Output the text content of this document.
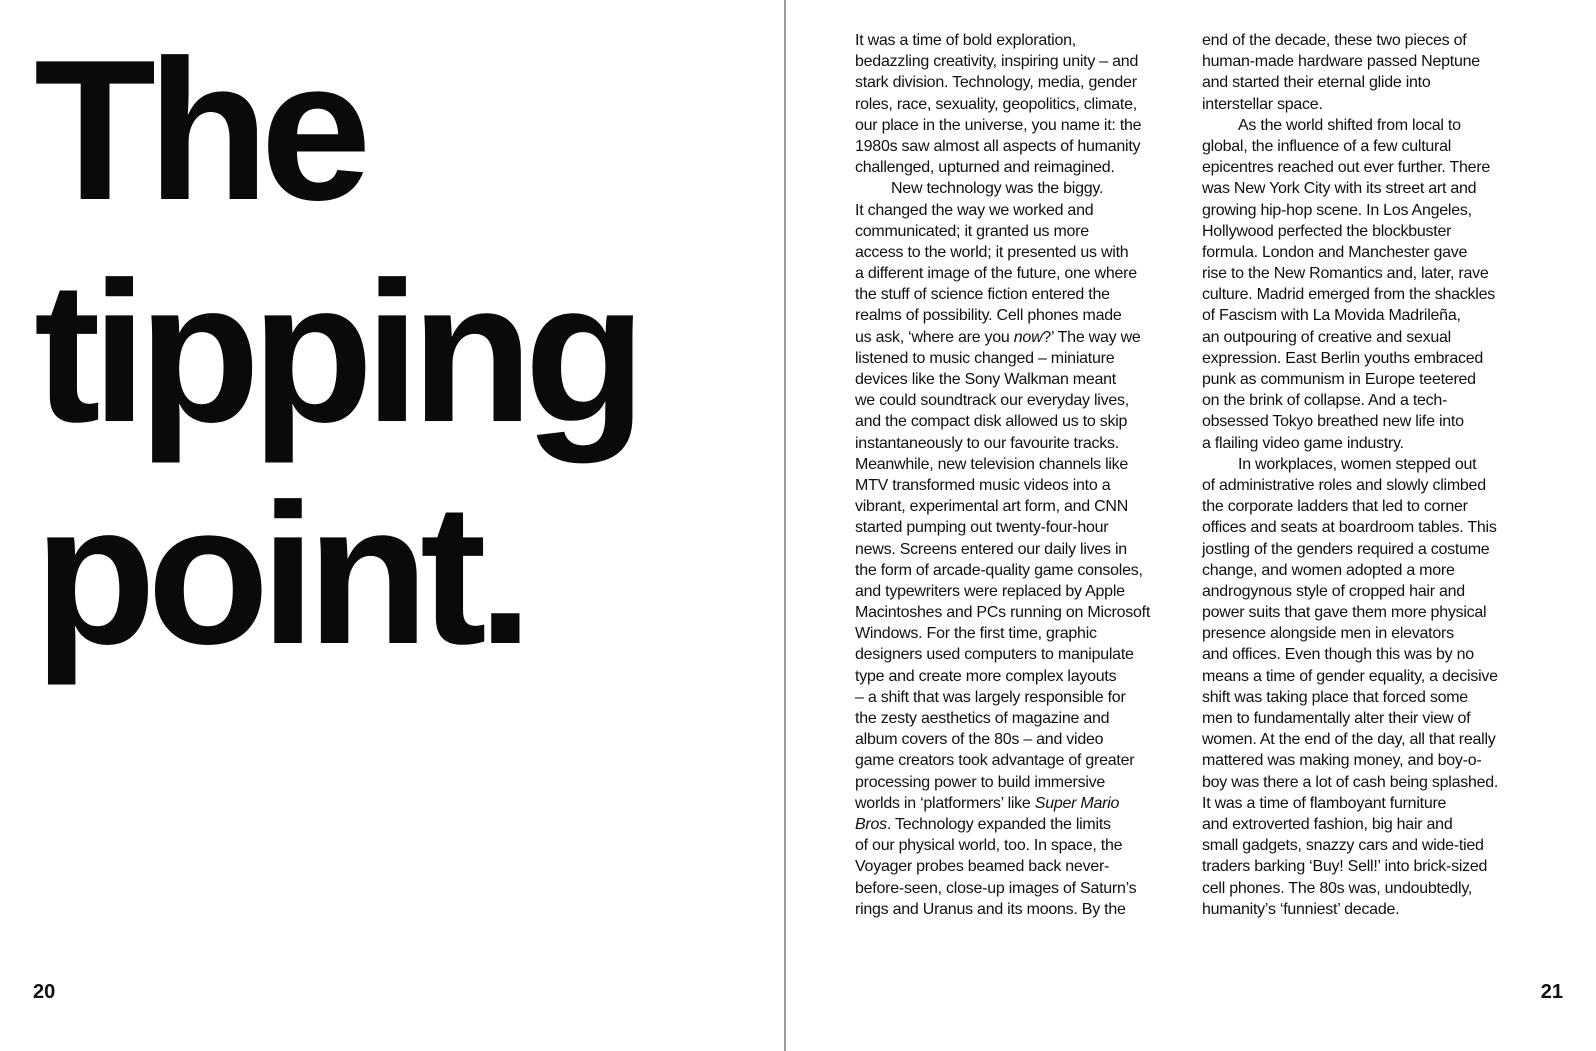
The
tipping
point.
It was a time of bold exploration,
bedazzling creativity, inspiring unity – and
stark division. Technology, media, gender
roles, race, sexuality, geopolitics, climate,
our place in the universe, you name it: the
1980s saw almost all aspects of humanity
challenged, upturned and reimagined.
New technology was the biggy.
It changed the way we worked and
communicated; it granted us more
access to the world; it presented us with
a different image of the future, one where
the stuff of science fiction entered the
realms of possibility. Cell phones made
us ask, ‘where are you now?’ The way we
listened to music changed – miniature
devices like the Sony Walkman meant
we could soundtrack our everyday lives,
and the compact disk allowed us to skip
instantaneously to our favourite tracks.
Meanwhile, new television channels like
MTV transformed music videos into a
vibrant, experimental art form, and CNN
started pumping out twenty-four-hour
news. Screens entered our daily lives in
the form of arcade-quality game consoles,
and typewriters were replaced by Apple
Macintoshes and PCs running on Microsoft
Windows. For the first time, graphic
designers used computers to manipulate
type and create more complex layouts
– a shift that was largely responsible for
the zesty aesthetics of magazine and
album covers of the 80s – and video
game creators took advantage of greater
processing power to build immersive
worlds in ‘platformers’ like Super Mario
Bros. Technology expanded the limits
of our physical world, too. In space, the
Voyager probes beamed back never-
before-seen, close-up images of Saturn’s
rings and Uranus and its moons. By the
end of the decade, these two pieces of
human-made hardware passed Neptune
and started their eternal glide into
interstellar space.
As the world shifted from local to
global, the influence of a few cultural
epicentres reached out ever further. There
was New York City with its street art and
growing hip-hop scene. In Los Angeles,
Hollywood perfected the blockbuster
formula. London and Manchester gave
rise to the New Romantics and, later, rave
culture. Madrid emerged from the shackles
of Fascism with La Movida Madrileña,
an outpouring of creative and sexual
expression. East Berlin youths embraced
punk as communism in Europe teetered
on the brink of collapse. And a tech-
obsessed Tokyo breathed new life into
a flailing video game industry.
In workplaces, women stepped out
of administrative roles and slowly climbed
the corporate ladders that led to corner
offices and seats at boardroom tables. This
jostling of the genders required a costume
change, and women adopted a more
androgynous style of cropped hair and
power suits that gave them more physical
presence alongside men in elevators
and offices. Even though this was by no
means a time of gender equality, a decisive
shift was taking place that forced some
men to fundamentally alter their view of
women. At the end of the day, all that really
mattered was making money, and boy-o-
boy was there a lot of cash being splashed.
It was a time of flamboyant furniture
and extroverted fashion, big hair and
small gadgets, snazzy cars and wide-tied
traders barking ‘Buy! Sell!’ into brick-sized
cell phones. The 80s was, undoubtedly,
humanity’s ‘funniest’ decade.
20	21
